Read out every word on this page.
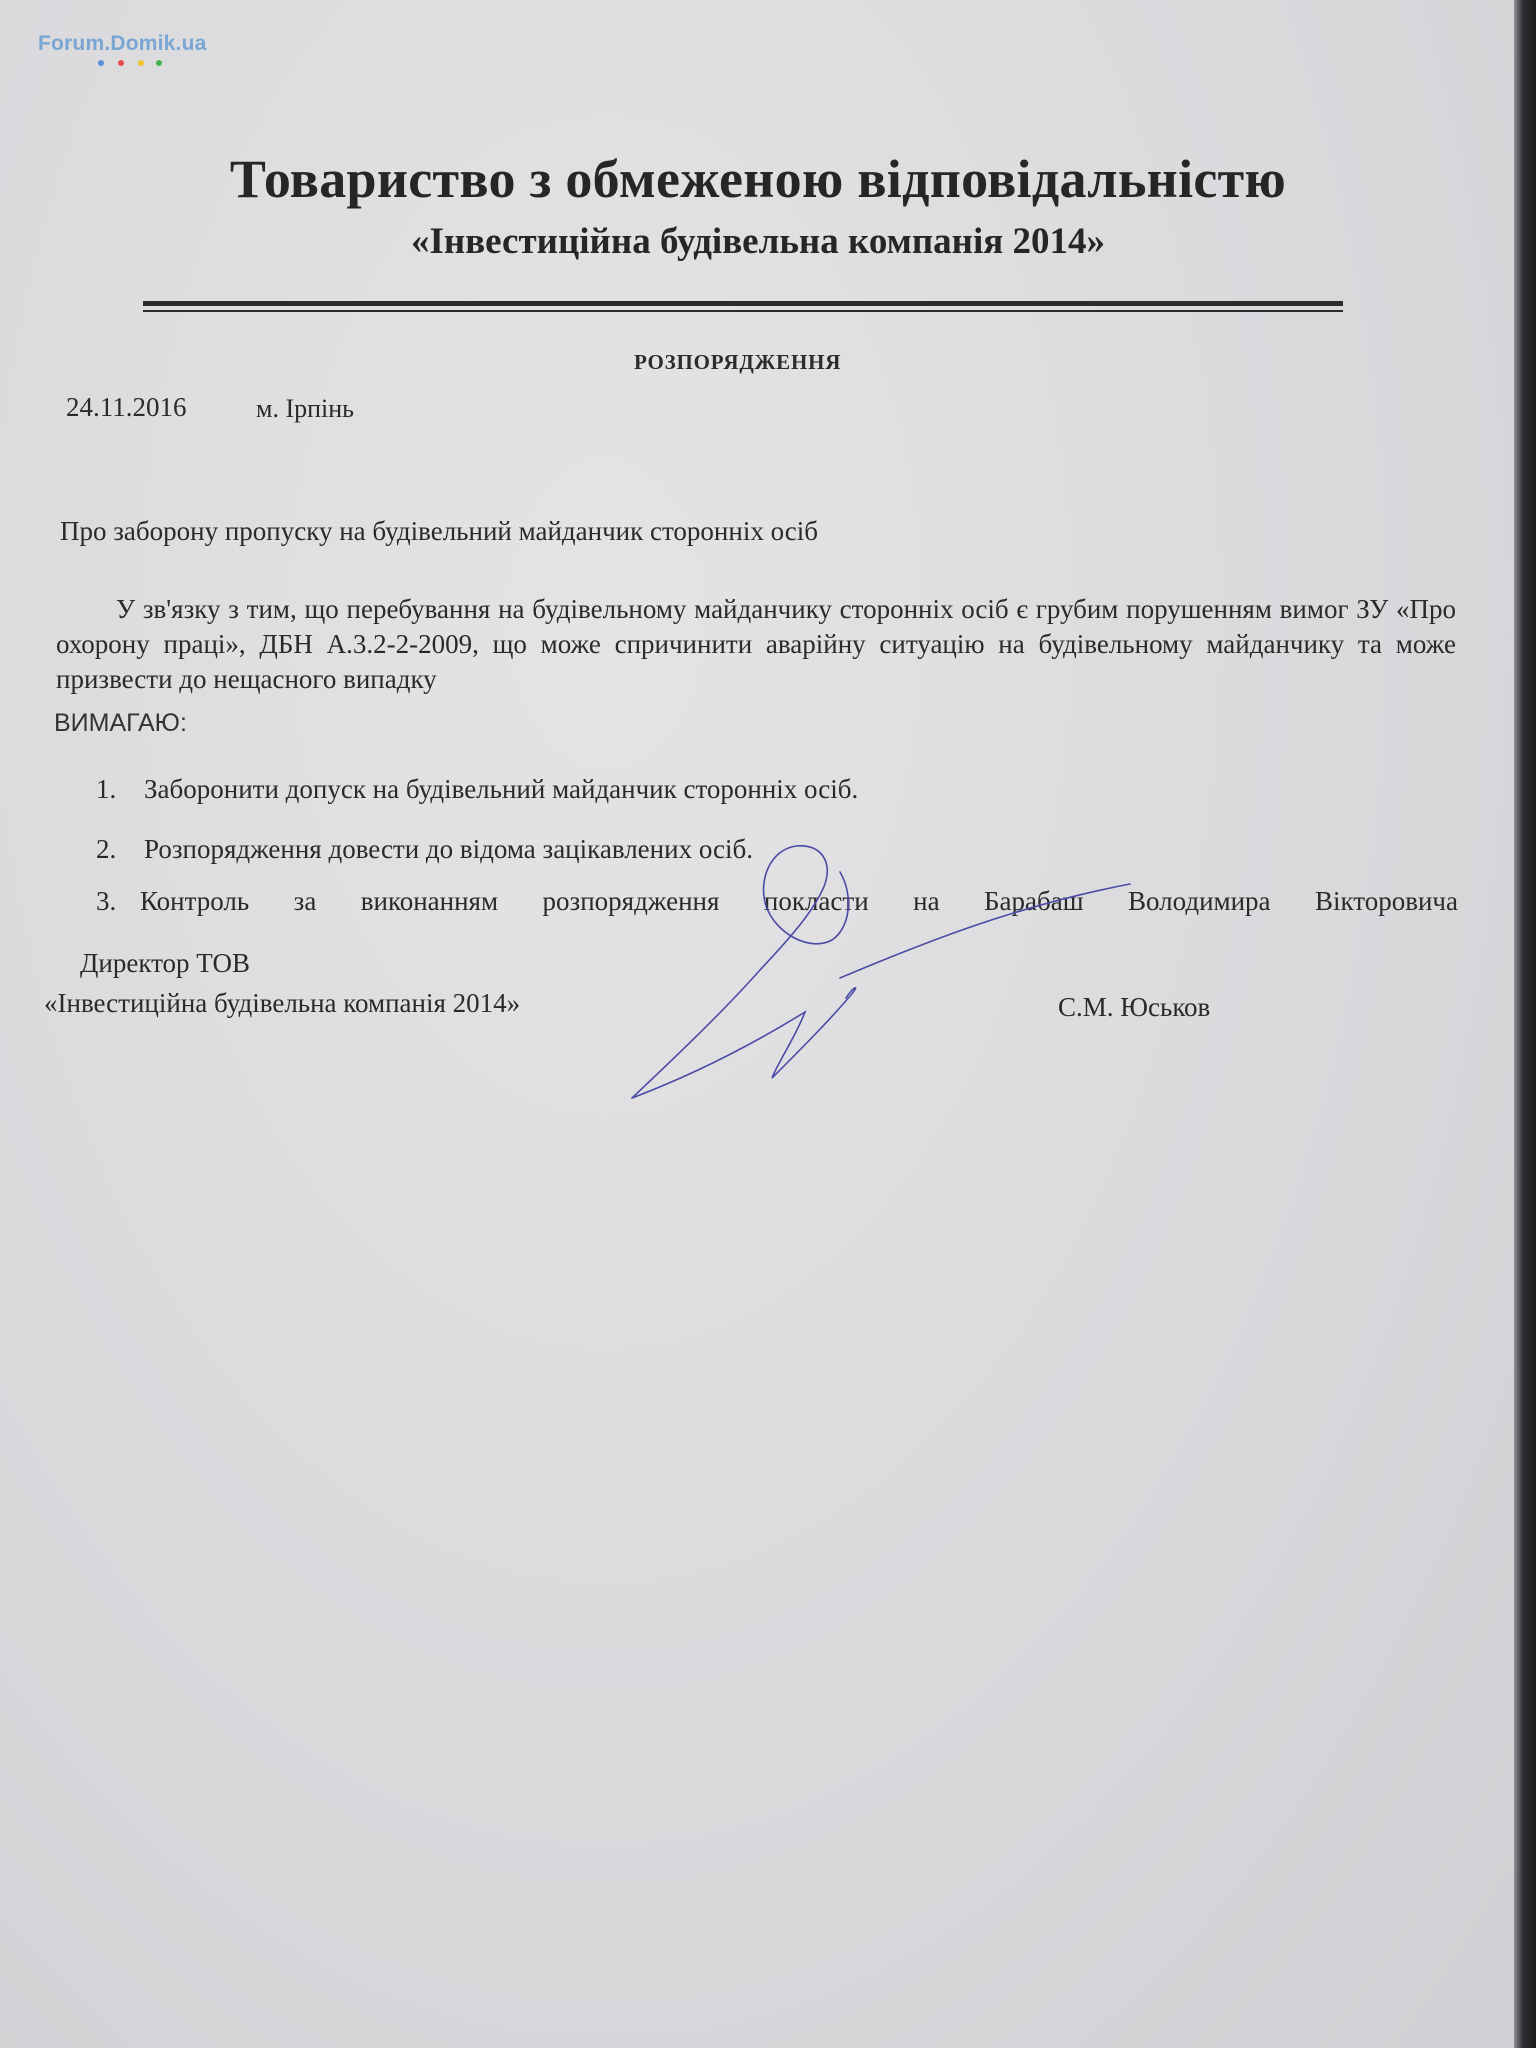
Forum.Domik.ua
Товариство з обмеженою відповідальністю
«Інвестиційна будівельна компанія 2014»
РОЗПОРЯДЖЕННЯ
24.11.2016	м. Ірпінь
Про заборону пропуску на будівельний майданчик сторонніх осіб

У зв'язку з тим, що перебування на будівельному майданчику сторонніх осіб є грубим порушенням вимог ЗУ «Про охорону праці», ДБН А.3.2-2-2009, що може спричинити аварійну ситуацію на будівельному майданчику та може призвести до нещасного випадку

ВИМАГАЮ:
1.	Заборонити допуск на будівельний майданчик сторонніх осіб.
2.	Розпорядження довести до відома зацікавлених осіб.
3. Контроль за виконанням розпорядження покласти на Барабаш Володимира Вікторовича
Директор ТОВ
«Інвестиційна будівельна компанія 2014»	С.М. Юськов
